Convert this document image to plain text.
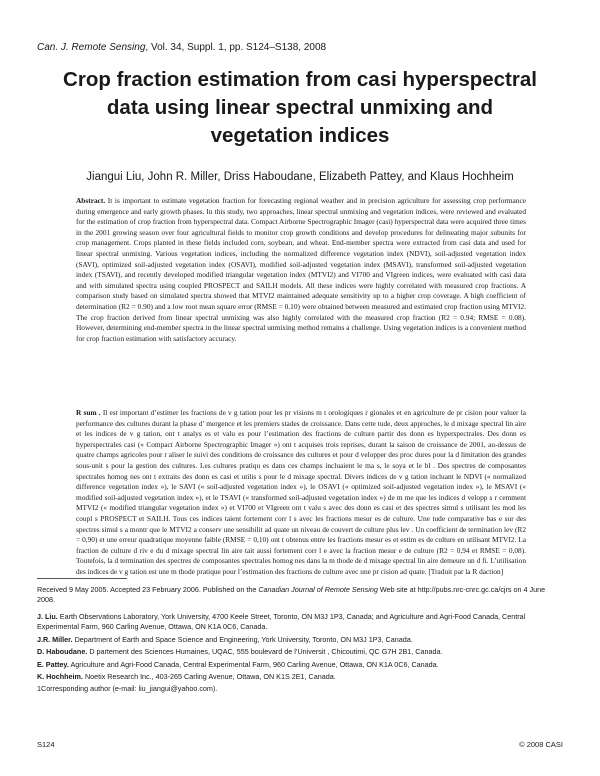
Can. J. Remote Sensing, Vol. 34, Suppl. 1, pp. S124–S138, 2008
Crop fraction estimation from casi hyperspectral
data using linear spectral unmixing and
vegetation indices
Jiangui Liu, John R. Miller, Driss Haboudane, Elizabeth Pattey, and Klaus Hochheim
Abstract. It is important to estimate vegetation fraction for forecasting regional weather and in precision agriculture for assessing crop performance during emergence and early growth phases. In this study, two approaches, linear spectral unmixing and vegetation indices, were reviewed and evaluated for the estimation of crop fraction from hyperspectral data. Compact Airborne Spectrographic Imager (casi) hyperspectral data were acquired three times in the 2001 growing season over four agricultural fields to monitor crop growth conditions and develop procedures for delineating major subunits for crop management. Crops planted in these fields included corn, soybean, and wheat. End-member spectra were extracted from casi data and used for linear spectral unmixing. Various vegetation indices, including the normalized difference vegetation index (NDVI), soil-adjusted vegetation index (SAVI), optimized soil-adjusted vegetation index (OSAVI), modified soil-adjusted vegetation index (MSAVI), transformed soil-adjusted vegetation index (TSAVI), and recently developed modified triangular vegetation index (MTVI2) and VI700 and VIgreen indices, were evaluated with casi data and with simulated spectra using coupled PROSPECT and SAILH models. All these indices were highly correlated with measured crop fractions. A comparison study based on simulated spectra showed that MTVI2 maintained adequate sensitivity up to a higher crop coverage. A high coefficient of determination (R2 = 0.90) and a low root mean square error (RMSE = 0.10) were obtained between measured and estimated crop fraction using MTVI2. The crop fraction derived from linear spectral unmixing was also highly correlated with the measured crop fraction (R2 = 0.94; RMSE = 0.08). However, determining end-member spectra in the linear spectral unmixing method remains a challenge. Using vegetation indices is a convenient method for crop fraction estimation with satisfactory accuracy.
R sum . Il est important d’estimer les fractions de v g tation pour les pr visions m t orologiques r gionales et en agriculture de pr cision pour valuer la performance des cultures durant la phase d’ mergence et les premiers stades de croissance. Dans cette tude, deux approches, le d mixage spectral lin aire et les indices de v g tation, ont t analys es et valu es pour l’estimation des fractions de culture partir des donn es hyperspectrales. Des donn es hyperspectrales casi (« Compact Airborne Spectrographic Imager ») ont t acquises trois reprises, durant la saison de croissance de 2001, au-dessus de quatre champs agricoles pour r aliser le suivi des conditions de croissance des cultures et pour d velopper des proc dures pour la d limitation des grandes sous-unit s pour la gestion des cultures. Les cultures pratiqu es dans ces champs incluaient le ma s, le soya et le bl . Des spectres de composantes spectrales homog nes ont t extraits des donn es casi et utilis s pour le d mixage spectral. Divers indices de v g tation incluant le NDVI (« normalized difference vegetation index »), le SAVI (« soil-adjusted vegetation index »), le OSAVI (« optimized soil-adjusted vegetation index »), le MSAVI (« modified soil-adjusted vegetation index »), et le TSAVI (« transformed soil-adjusted vegetation index ») de m me que les indices d velopp s r cemment MTVI2 (« modified triangular vegetation index ») et VI700 et VIgreen ont t valu s avec des donn es casi et des spectres simul s utilisant les mod les coupl s PROSPECT et SAILH. Tous ces indices taient fortement corr l s avec les fractions mesur es de culture. Une tude comparative bas e sur des spectres simul s a montr que le MTVI2 a conserv une sensibilit ad quate un niveau de couvert de culture plus lev . Un coefficient de termination lev (R2 = 0,90) et une erreur quadratique moyenne faible (RMSE = 0,10) ont t obtenus entre les fractions mesur es et estim es de culture en utilisant MTVI2. La fraction de culture d riv e du d mixage spectral lin aire tait aussi fortement corr l e avec la fraction mesur e de culture (R2 = 0,94 et RMSE = 0,08). Toutefois, la d termination des spectres de composantes spectrales homog nes dans la m thode de d mixage spectral lin aire demeure un d fi. L’utilisation des indices de v g tation est une m thode pratique pour l’estimation des fractions de culture avec une pr cision ad quate. [Traduit par la R daction]
Received 9 May 2005. Accepted 23 February 2006. Published on the Canadian Journal of Remote Sensing Web site at http://pubs.nrc-cnrc.gc.ca/cjrs on 4 June 2008.

J. Liu. Earth Observations Laboratory, York University, 4700 Keele Street, Toronto, ON M3J 1P3, Canada; and Agriculture and Agri-Food Canada, Central Experimental Farm, 960 Carling Avenue, Ottawa, ON K1A 0C6, Canada.

J.R. Miller. Department of Earth and Space Science and Engineering, York University, Toronto, ON M3J 1P3, Canada.

D. Haboudane. D partement des Sciences Humaines, UQAC, 555 boulevard de l’Universit , Chicoutimi, QC G7H 2B1, Canada.

E. Pattey. Agriculture and Agri-Food Canada, Central Experimental Farm, 960 Carling Avenue, Ottawa, ON K1A 0C6, Canada.

K. Hochheim. Noetix Research Inc., 403-265 Carling Avenue, Ottawa, ON K1S 2E1, Canada.

1Corresponding author (e-mail: liu_jiangui@yahoo.com).

S124	© 2008 CASI
